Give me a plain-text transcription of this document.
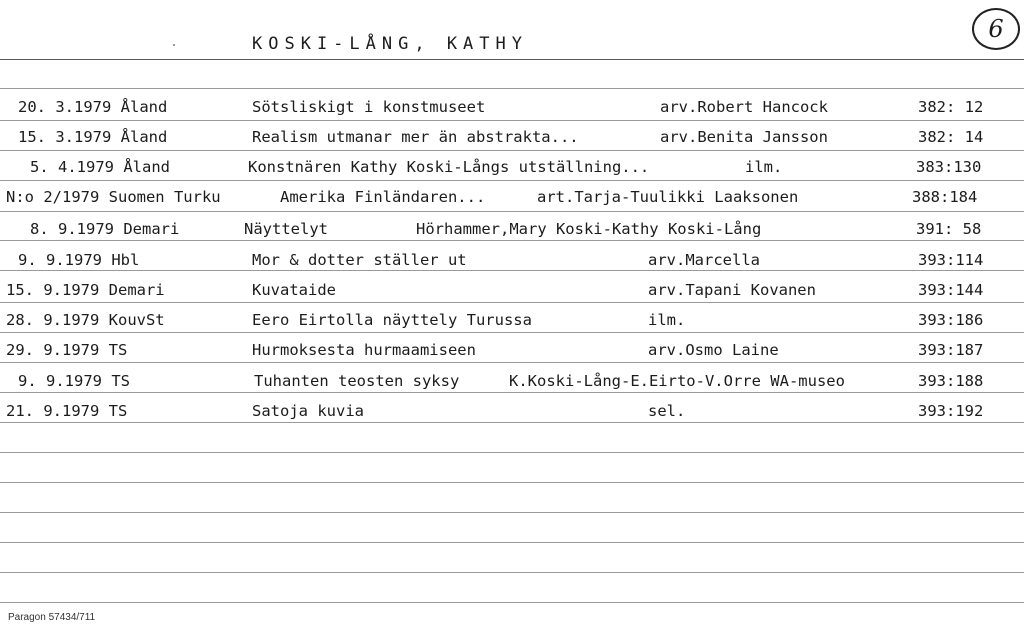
KOSKI-LÅNG, KATHY
6
20. 3.1979 Åland	Sötsliskigt i konstmuseet	arv.Robert Hancock	382: 12
15. 3.1979 Åland	Realism utmanar mer än abstrakta...	arv.Benita Jansson	382: 14
5. 4.1979 Åland	Konstnären Kathy Koski-Långs utställning...	ilm.	383:130
N:o 2/1979 Suomen Turku	Amerika Finländaren...	art.Tarja-Tuulikki Laaksonen	388:184
8. 9.1979 Demari	Näyttelyt	Hörhammer,Mary Koski-Kathy Koski-Lång	391: 58
9. 9.1979 Hbl	Mor & dotter ställer ut	arv.Marcella	393:114
15. 9.1979 Demari	Kuvataide	arv.Tapani Kovanen	393:144
28. 9.1979 KouvSt	Eero Eirtolla näyttely Turussa	ilm.	393:186
29. 9.1979 TS	Hurmoksesta hurmaamiseen	arv.Osmo Laine	393:187
9. 9.1979 TS	Tuhanten teosten syksy	K.Koski-Lång-E.Eirto-V.Orre WA-museo	393:188
21. 9.1979 TS	Satoja kuvia	sel.	393:192
Paragon 57434/711
